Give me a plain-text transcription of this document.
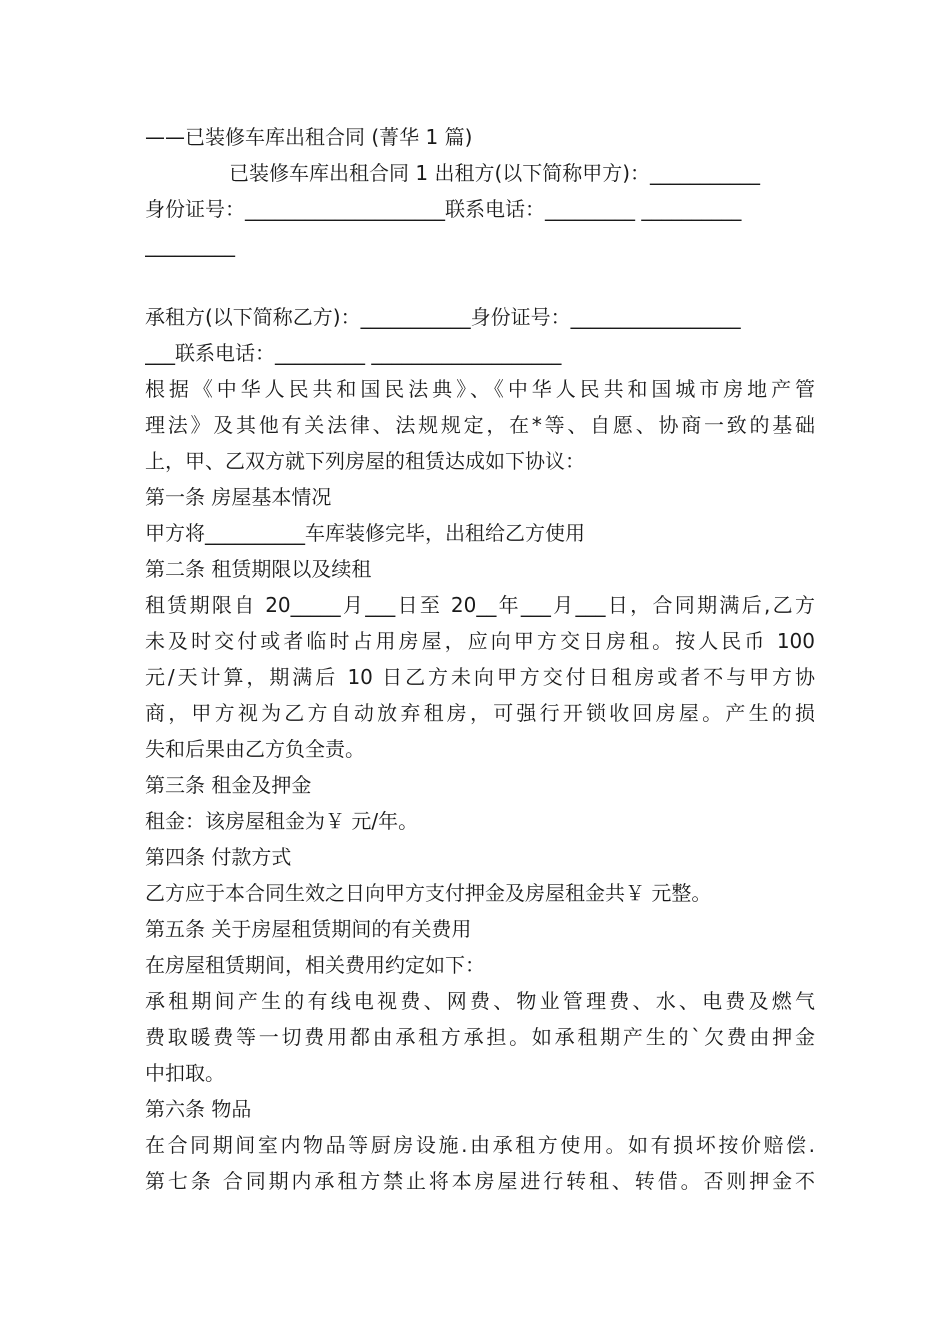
——已装修车库出租合同 (菁华 1 篇)
已装修车库出租合同 1 出租方(以下简称甲方)：___________
身份证号：____________________联系电话：_________ __________
_________
承租方(以下简称乙方)：___________身份证号：_________________
___联系电话：_________ ___________________
根据《中华人民共和国民法典》、《中华人民共和国城市房地产管
理法》及其他有关法律、法规规定，在*等、自愿、协商一致的基础
上，甲、乙双方就下列房屋的租赁达成如下协议：
第一条 房屋基本情况
甲方将__________车库装修完毕，出租给乙方使用
第二条 租赁期限以及续租
租赁期限自 20_____月___日至 20__年___月___日，合同期满后,乙方
未及时交付或者临时占用房屋，应向甲方交日房租。按人民币 100
元/天计算，期满后 10 日乙方未向甲方交付日租房或者不与甲方协
商，甲方视为乙方自动放弃租房，可强行开锁收回房屋。产生的损
失和后果由乙方负全责。
第三条 租金及押金
租金：该房屋租金为￥ 元/年。
第四条 付款方式
乙方应于本合同生效之日向甲方支付押金及房屋租金共￥ 元整。
第五条 关于房屋租赁期间的有关费用
在房屋租赁期间，相关费用约定如下：
承租期间产生的有线电视费、网费、物业管理费、水、电费及燃气
费取暖费等一切费用都由承租方承担。如承租期产生的`欠费由押金
中扣取。
第六条 物品
在合同期间室内物品等厨房设施.由承租方使用。如有损坏按价赔偿.
第七条 合同期内承租方禁止将本房屋进行转租、转借。否则押金不
